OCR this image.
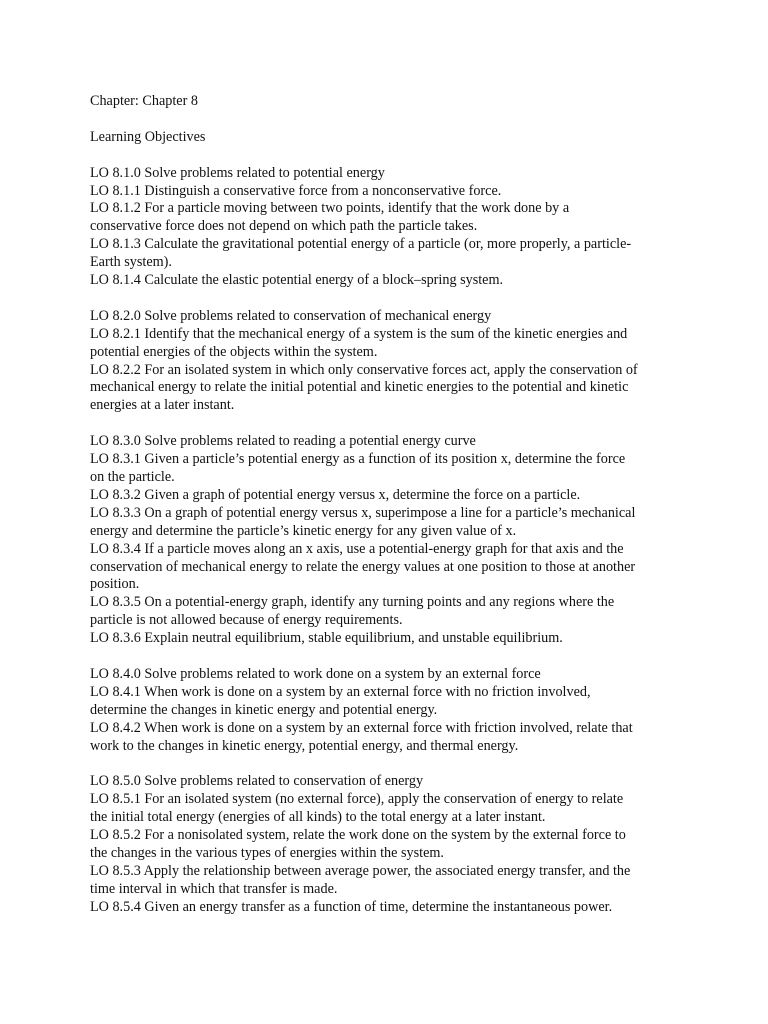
Chapter: Chapter 8
Learning Objectives
LO 8.1.0 Solve problems related to potential energy
LO 8.1.1 Distinguish a conservative force from a nonconservative force.
LO 8.1.2 For a particle moving between two points, identify that the work done by a
conservative force does not depend on which path the particle takes.
LO 8.1.3 Calculate the gravitational potential energy of a particle (or, more properly, a particle-
Earth system).
LO 8.1.4 Calculate the elastic potential energy of a block–spring system.
LO 8.2.0 Solve problems related to conservation of mechanical energy
LO 8.2.1 Identify that the mechanical energy of a system is the sum of the kinetic energies and
potential energies of the objects within the system.
LO 8.2.2 For an isolated system in which only conservative forces act, apply the conservation of
mechanical energy to relate the initial potential and kinetic energies to the potential and kinetic
energies at a later instant.
LO 8.3.0 Solve problems related to reading a potential energy curve
LO 8.3.1 Given a particle’s potential energy as a function of its position x, determine the force
on the particle.
LO 8.3.2 Given a graph of potential energy versus x, determine the force on a particle.
LO 8.3.3 On a graph of potential energy versus x, superimpose a line for a particle’s mechanical
energy and determine the particle’s kinetic energy for any given value of x.
LO 8.3.4 If a particle moves along an x axis, use a potential-energy graph for that axis and the
conservation of mechanical energy to relate the energy values at one position to those at another
position.
LO 8.3.5 On a potential-energy graph, identify any turning points and any regions where the
particle is not allowed because of energy requirements.
LO 8.3.6 Explain neutral equilibrium, stable equilibrium, and unstable equilibrium.
LO 8.4.0 Solve problems related to work done on a system by an external force
LO 8.4.1 When work is done on a system by an external force with no friction involved,
determine the changes in kinetic energy and potential energy.
LO 8.4.2 When work is done on a system by an external force with friction involved, relate that
work to the changes in kinetic energy, potential energy, and thermal energy.
LO 8.5.0 Solve problems related to conservation of energy
LO 8.5.1 For an isolated system (no external force), apply the conservation of energy to relate
the initial total energy (energies of all kinds) to the total energy at a later instant.
LO 8.5.2 For a nonisolated system, relate the work done on the system by the external force to
the changes in the various types of energies within the system.
LO 8.5.3 Apply the relationship between average power, the associated energy transfer, and the
time interval in which that transfer is made.
LO 8.5.4 Given an energy transfer as a function of time, determine the instantaneous power.
